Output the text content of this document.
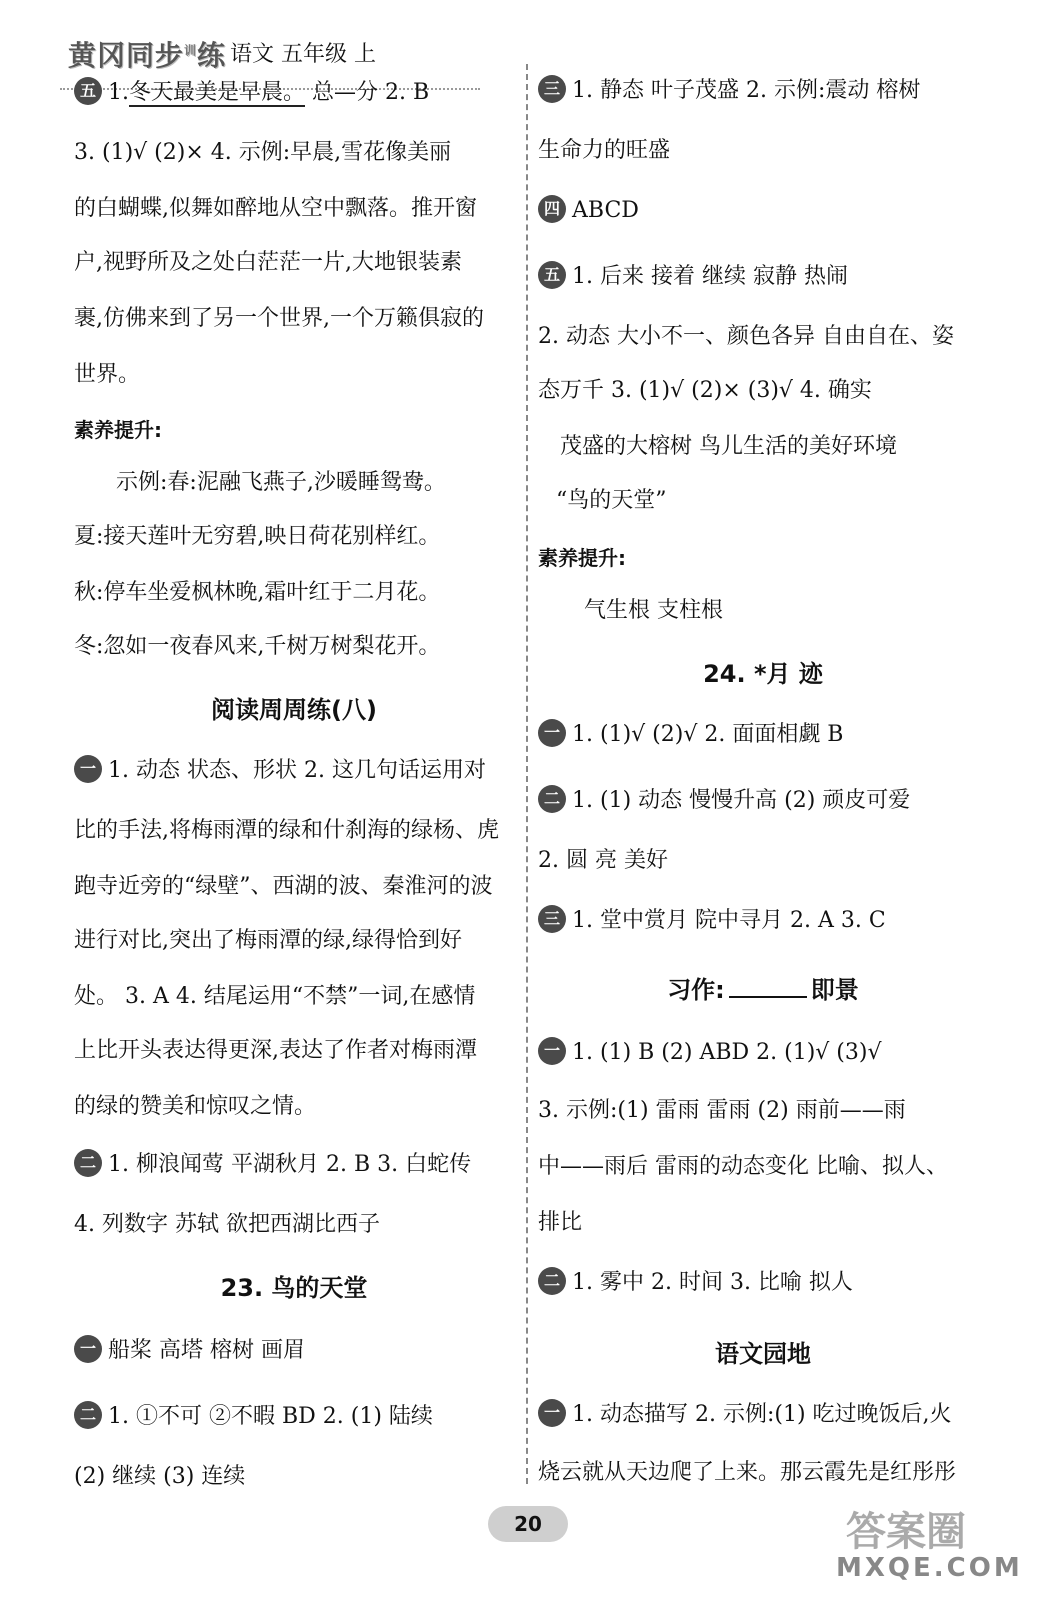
黄冈同步$^训$练 语文 五年级 上
五 1.冬天最美是早晨。 总—分 2. B
3. (1)√ (2)× 4. 示例:早晨,雪花像美丽
的白蝴蝶,似舞如醉地从空中飘落。推开窗
户,视野所及之处白茫茫一片,大地银装素
裹,仿佛来到了另一个世界,一个万籁俱寂的
世界。
素养提升:
示例:春:泥融飞燕子,沙暖睡鸳鸯。
夏:接天莲叶无穷碧,映日荷花别样红。
秋:停车坐爱枫林晚,霜叶红于二月花。
冬:忽如一夜春风来,千树万树梨花开。
阅读周周练(八)
一 1. 动态 状态、形状 2. 这几句话运用对
比的手法,将梅雨潭的绿和什刹海的绿杨、虎
跑寺近旁的“绿壁”、西湖的波、秦淮河的波
进行对比,突出了梅雨潭的绿,绿得恰到好
处。 3. A 4. 结尾运用“不禁”一词,在感情
上比开头表达得更深,表达了作者对梅雨潭
的绿的赞美和惊叹之情。
二 1. 柳浪闻莺 平湖秋月 2. B 3. 白蛇传
4. 列数字 苏轼 欲把西湖比西子
23. 鸟的天堂
一 船桨 高塔 榕树 画眉
二 1. ①不可 ②不暇 BD 2. (1) 陆续
(2) 继续 (3) 连续
三 1. 静态 叶子茂盛 2. 示例:震动 榕树
生命力的旺盛
四 ABCD
五 1. 后来 接着 继续 寂静 热闹
2. 动态 大小不一、颜色各异 自由自在、姿
态万千 3. (1)√ (2)× (3)√ 4. 确实
茂盛的大榕树 鸟儿生活的美好环境
“鸟的天堂”
素养提升:
气生根 支柱根
24. *月 迹
一 1. (1)√ (2)√ 2. 面面相觑 B
二 1. (1) 动态 慢慢升高 (2) 顽皮可爱
2. 圆 亮 美好
三 1. 堂中赏月 院中寻月 2. A 3. C
习作:	即景
一 1. (1) B (2) ABD 2. (1)√ (3)√
3. 示例:(1) 雷雨 雷雨 (2) 雨前——雨
中——雨后 雷雨的动态变化 比喻、拟人、
排比
二 1. 雾中 2. 时间 3. 比喻 拟人
语文园地
一 1. 动态描写 2. 示例:(1) 吃过晚饭后,火
烧云就从天边爬了上来。那云霞先是红彤彤
20	答案圈
MXQE.COM
